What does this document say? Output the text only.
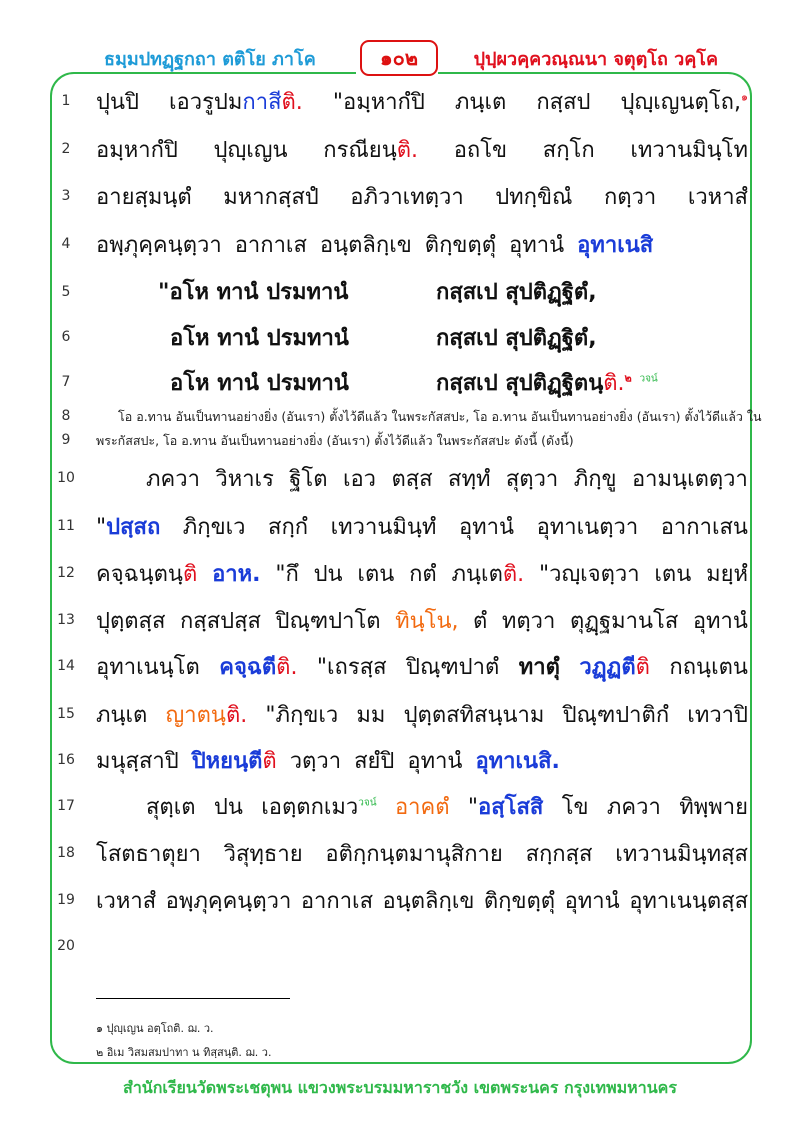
ธมฺมปทฏฺฐกถา ตติโย ภาโค	๑๐๒	ปุปฺผวคฺควณฺณนา จตุตฺโถ วคฺโค
1
2
3
4
5
6
7
8
9
10
11
12
13
14
15
16
17
18
19
20
ปุนปิ เอวรูปมกาสีติ. "อมฺหากํปิ ภนฺเต กสฺสป ปุญฺเญนตฺโถ,$^๑$
อมฺหากํปิ ปุญฺเญน กรณียนฺติ. อถโข สกฺโก เทวานมินฺโท
อายสฺมนฺตํ มหากสฺสปํ อภิวาเทตฺวา ปทกฺขิณํ กตฺวา เวหาสํ
อพฺภุคฺคนฺตฺวา อากาเส อนฺตลิกฺเข ติกฺขตฺตุํ อุทานํ อุทาเนสิ
"อโห ทานํ ปรมทานํ	กสฺสเป สุปติฏฺฐิตํ,
อโห ทานํ ปรมทานํ	กสฺสเป สุปติฏฺฐิตํ,
อโห ทานํ ปรมทานํ	กสฺสเป สุปติฏฺฐิตนฺติ.$^๒$ $^{วจน์}$
โอ อ.ทาน อันเป็นทานอย่างยิ่ง (อันเรา) ตั้งไว้ดีแล้ว ในพระกัสสปะ, โอ อ.ทาน อันเป็นทานอย่างยิ่ง (อันเรา) ตั้งไว้ดีแล้ว ใน
พระกัสสปะ, โอ อ.ทาน อันเป็นทานอย่างยิ่ง (อันเรา) ตั้งไว้ดีแล้ว ในพระกัสสปะ ดังนี้ (ดังนี้)
ภควา วิหาเร ฐิโต เอว ตสฺส สทฺทํ สุตฺวา ภิกฺขู อามนฺเตตฺวา
"ปสฺสถ ภิกฺขเว สกฺกํ เทวานมินฺทํ อุทานํ อุทาเนตฺวา อากาเสน
คจฺฉนฺตนฺติ อาห. "กึ ปน เตน กตํ ภนฺเตติ. "วญฺเจตฺวา เตน มยฺหํ
ปุตฺตสฺส กสฺสปสฺส ปิณฺฑปาโต ทินฺโน, ตํ ทตฺวา ตุฏฺฐมานโส อุทานํ
อุทาเนนฺโต คจฺฉตีติ. "เถรสฺส ปิณฺฑปาตํ ทาตุํ วฏฺฏตีติ กถนฺเตน
ภนฺเต ญาตนฺติ. "ภิกฺขเว มม ปุตฺตสทิสนฺนาม ปิณฺฑปาติกํ เทวาปิ
มนุสฺสาปิ ปิหยนฺตีติ วตฺวา สยํปิ อุทานํ อุทาเนสิ.
สุตฺเต ปน เอตฺตกเมว$^{วจน์}$ อาคตํ "อสฺโสสิ โข ภควา ทิพฺพาย
โสตธาตุยา วิสุทฺธาย อติกฺกนฺตมานุสิกาย สกฺกสฺส เทวานมินฺทสฺส
เวหาสํ อพฺภุคฺคนฺตฺวา อากาเส อนฺตลิกฺเข ติกฺขตฺตุํ อุทานํ อุทาเนนฺตสฺส
๑ ปุญฺเญน อตฺโถติ. ฌ. ว.
๒ อิเม วิสมสมปาทา น ทิสฺสนฺติ. ฌ. ว.
สำนักเรียนวัดพระเชตุพน แขวงพระบรมมหาราชวัง เขตพระนคร กรุงเทพมหานคร
